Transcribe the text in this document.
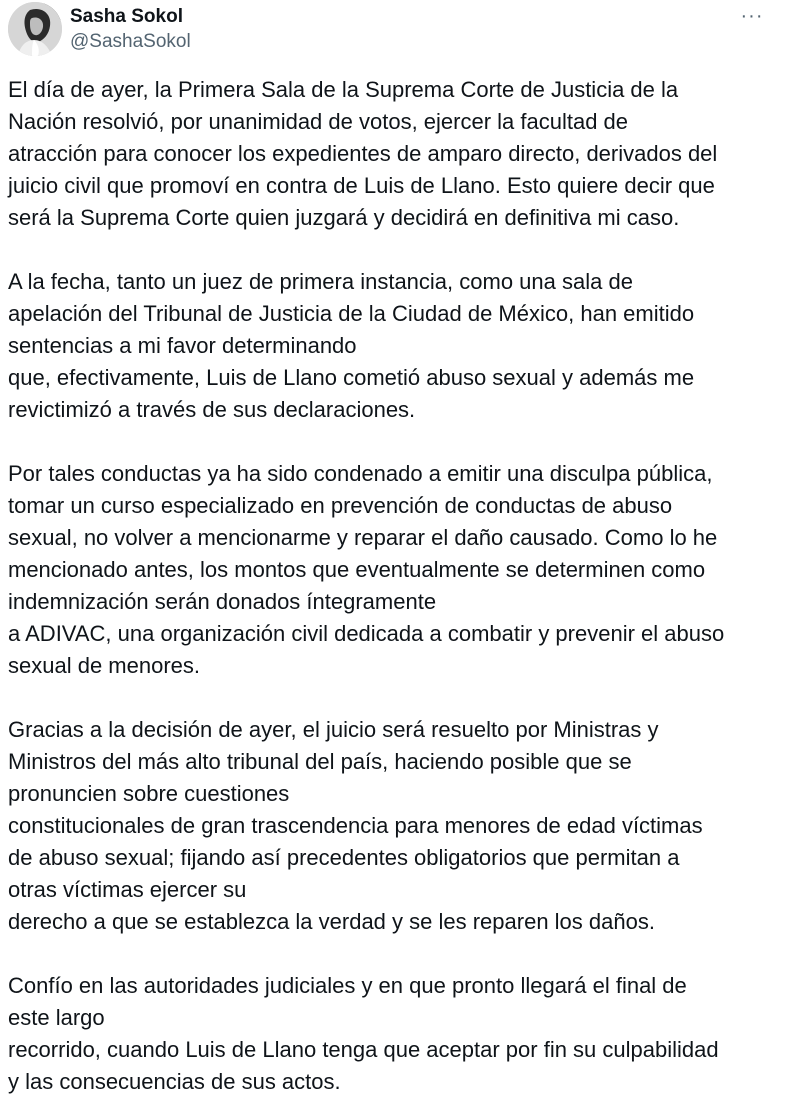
Sasha Sokol
@SashaSokol
···
El día de ayer, la Primera Sala de la Suprema Corte de Justicia de la
Nación resolvió, por unanimidad de votos, ejercer la facultad de
atracción para conocer los expedientes de amparo directo, derivados del
juicio civil que promoví en contra de Luis de Llano. Esto quiere decir que
será la Suprema Corte quien juzgará y decidirá en definitiva mi caso.
A la fecha, tanto un juez de primera instancia, como una sala de
apelación del Tribunal de Justicia de la Ciudad de México, han emitido
sentencias a mi favor determinando
que, efectivamente, Luis de Llano cometió abuso sexual y además me
revictimizó a través de sus declaraciones.
Por tales conductas ya ha sido condenado a emitir una disculpa pública,
tomar un curso especializado en prevención de conductas de abuso
sexual, no volver a mencionarme y reparar el daño causado. Como lo he
mencionado antes, los montos que eventualmente se determinen como
indemnización serán donados íntegramente
a ADIVAC, una organización civil dedicada a combatir y prevenir el abuso
sexual de menores.
Gracias a la decisión de ayer, el juicio será resuelto por Ministras y
Ministros del más alto tribunal del país, haciendo posible que se
pronuncien sobre cuestiones
constitucionales de gran trascendencia para menores de edad víctimas
de abuso sexual; fijando así precedentes obligatorios que permitan a
otras víctimas ejercer su
derecho a que se establezca la verdad y se les reparen los daños.
Confío en las autoridades judiciales y en que pronto llegará el final de
este largo
recorrido, cuando Luis de Llano tenga que aceptar por fin su culpabilidad
y las consecuencias de sus actos.
